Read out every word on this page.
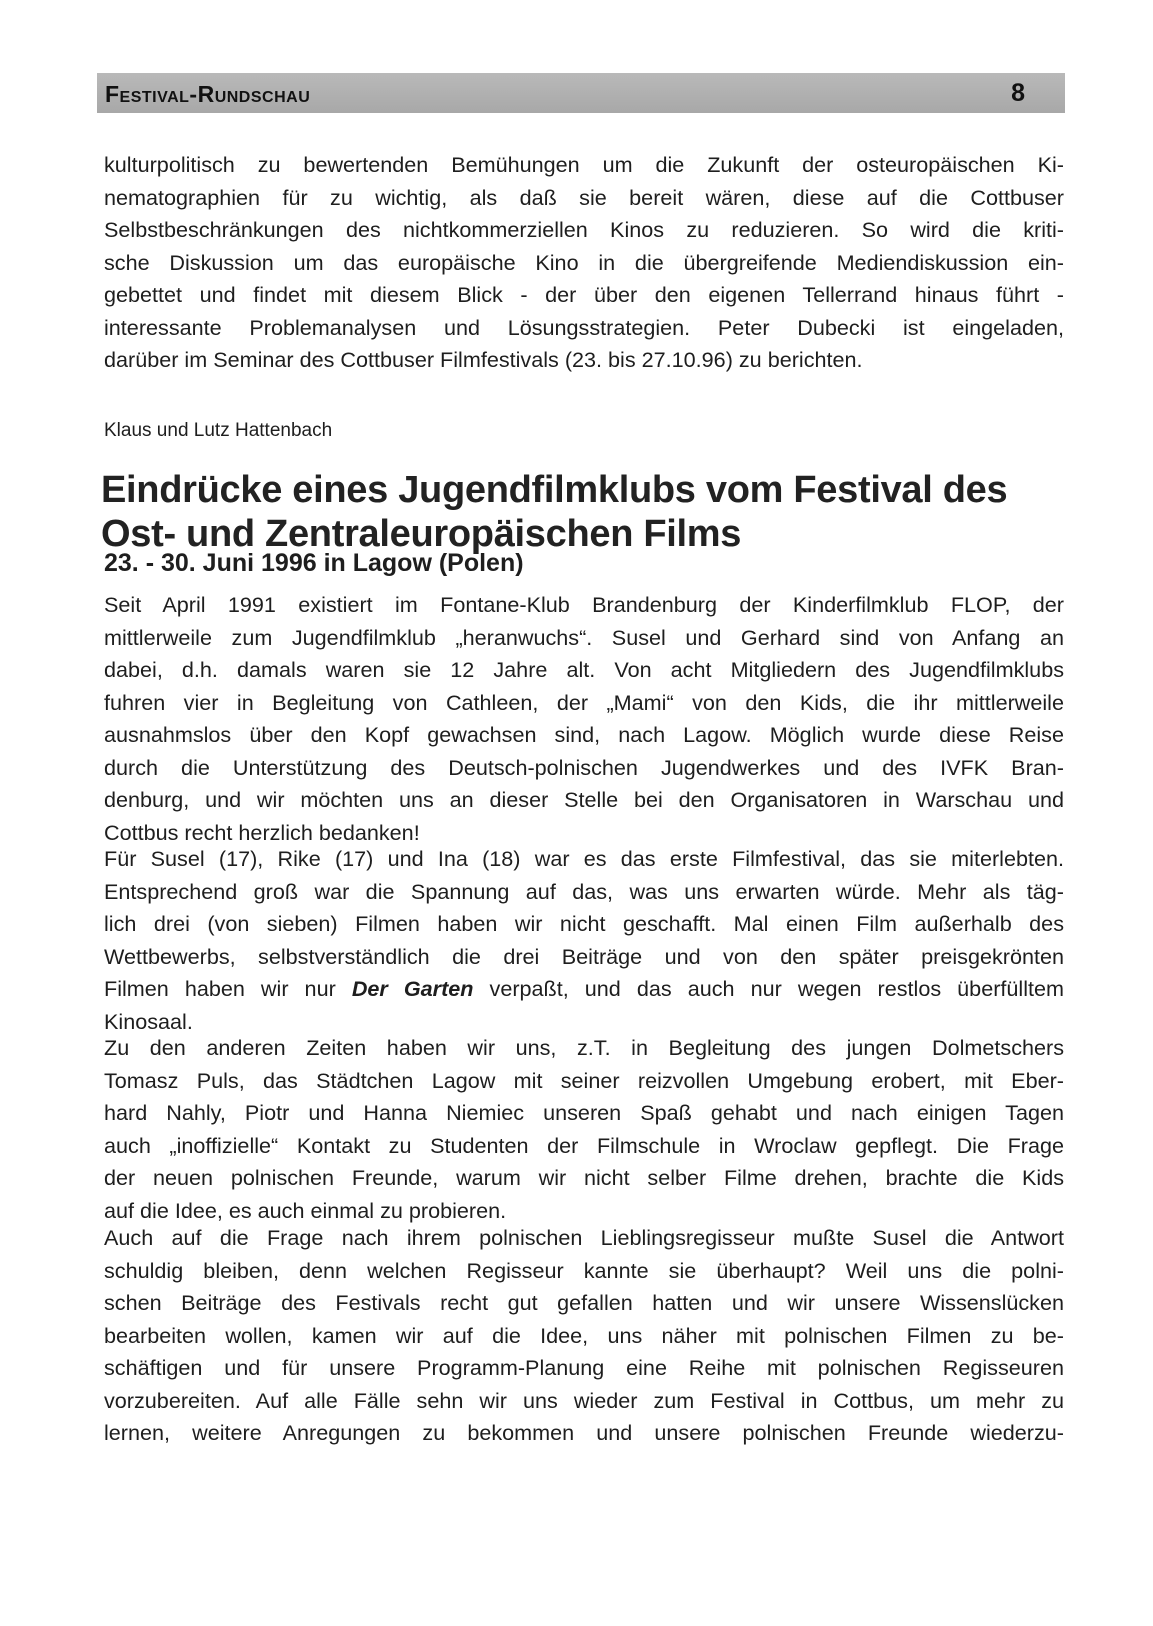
Festival-Rundschau	8
kulturpolitisch zu bewertenden Bemühungen um die Zukunft der osteuropäischen Ki-
nematographien für zu wichtig, als daß sie bereit wären, diese auf die Cottbuser
Selbstbeschränkungen des nichtkommerziellen Kinos zu reduzieren. So wird die kriti-
sche Diskussion um das europäische Kino in die übergreifende Mediendiskussion ein-
gebettet und findet mit diesem Blick - der über den eigenen Tellerrand hinaus führt -
interessante Problemanalysen und Lösungsstrategien. Peter Dubecki ist eingeladen,
darüber im Seminar des Cottbuser Filmfestivals (23. bis 27.10.96) zu berichten.
Klaus und Lutz Hattenbach
Eindrücke eines Jugendfilmklubs vom Festival des
Ost- und Zentraleuropäischen Films
23. - 30. Juni 1996 in Lagow (Polen)
Seit April 1991 existiert im Fontane-Klub Brandenburg der Kinderfilmklub FLOP, der
mittlerweile zum Jugendfilmklub „heranwuchs“. Susel und Gerhard sind von Anfang an
dabei, d.h. damals waren sie 12 Jahre alt. Von acht Mitgliedern des Jugendfilmklubs
fuhren vier in Begleitung von Cathleen, der „Mami“ von den Kids, die ihr mittlerweile
ausnahmslos über den Kopf gewachsen sind, nach Lagow. Möglich wurde diese Reise
durch die Unterstützung des Deutsch-polnischen Jugendwerkes und des IVFK Bran-
denburg, und wir möchten uns an dieser Stelle bei den Organisatoren in Warschau und
Cottbus recht herzlich bedanken!
Für Susel (17), Rike (17) und Ina (18) war es das erste Filmfestival, das sie miterlebten.
Entsprechend groß war die Spannung auf das, was uns erwarten würde. Mehr als täg-
lich drei (von sieben) Filmen haben wir nicht geschafft. Mal einen Film außerhalb des
Wettbewerbs, selbstverständlich die drei Beiträge und von den später preisgekrönten
Filmen haben wir nur Der Garten verpaßt, und das auch nur wegen restlos überfülltem
Kinosaal.
Zu den anderen Zeiten haben wir uns, z.T. in Begleitung des jungen Dolmetschers
Tomasz Puls, das Städtchen Lagow mit seiner reizvollen Umgebung erobert, mit Eber-
hard Nahly, Piotr und Hanna Niemiec unseren Spaß gehabt und nach einigen Tagen
auch „inoffizielle“ Kontakt zu Studenten der Filmschule in Wroclaw gepflegt. Die Frage
der neuen polnischen Freunde, warum wir nicht selber Filme drehen, brachte die Kids
auf die Idee, es auch einmal zu probieren.
Auch auf die Frage nach ihrem polnischen Lieblingsregisseur mußte Susel die Antwort
schuldig bleiben, denn welchen Regisseur kannte sie überhaupt? Weil uns die polni-
schen Beiträge des Festivals recht gut gefallen hatten und wir unsere Wissenslücken
bearbeiten wollen, kamen wir auf die Idee, uns näher mit polnischen Filmen zu be-
schäftigen und für unsere Programm-Planung eine Reihe mit polnischen Regisseuren
vorzubereiten. Auf alle Fälle sehn wir uns wieder zum Festival in Cottbus, um mehr zu
lernen, weitere Anregungen zu bekommen und unsere polnischen Freunde wiederzu-
